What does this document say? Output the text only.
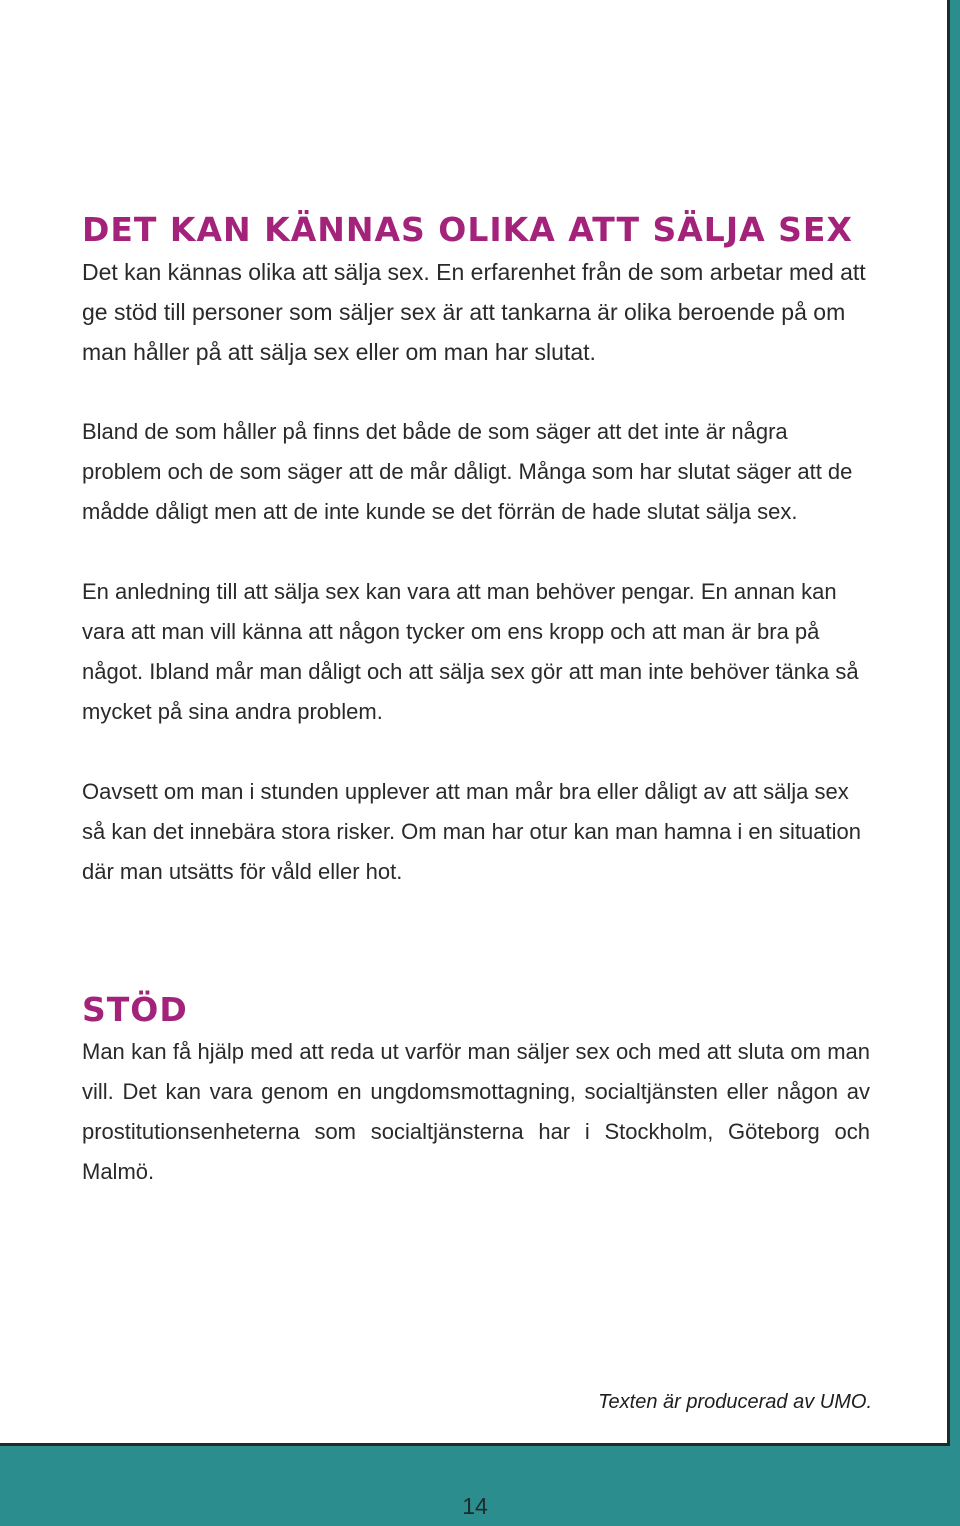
DET KAN KÄNNAS OLIKA ATT SÄLJA SEX

Det kan kännas olika att sälja sex. En erfarenhet från de som arbetar med att ge stöd till personer som säljer sex är att tankarna är olika beroende på om man håller på att sälja sex eller om man har slutat.

Bland de som håller på finns det både de som säger att det inte är några problem och de som säger att de mår dåligt. Många som har slutat säger att de mådde dåligt men att de inte kunde se det förrän de hade slutat sälja sex.

En anledning till att sälja sex kan vara att man behöver pengar. En annan kan vara att man vill känna att någon tycker om ens kropp och att man är bra på något. Ibland mår man dåligt och att sälja sex gör att man inte behöver tänka så mycket på sina andra problem.

Oavsett om man i stunden upplever att man mår bra eller dåligt av att sälja sex så kan det innebära stora risker. Om man har otur kan man hamna i en situation där man utsätts för våld eller hot.

STÖD

Man kan få hjälp med att reda ut varför man säljer sex och med att sluta om man vill. Det kan vara genom en ungdomsmottagning, socialtjänsten eller någon av prostitutionsenheterna som socialtjänsterna har i Stockholm, Göteborg och Malmö.

Texten är producerad av UMO.
14
